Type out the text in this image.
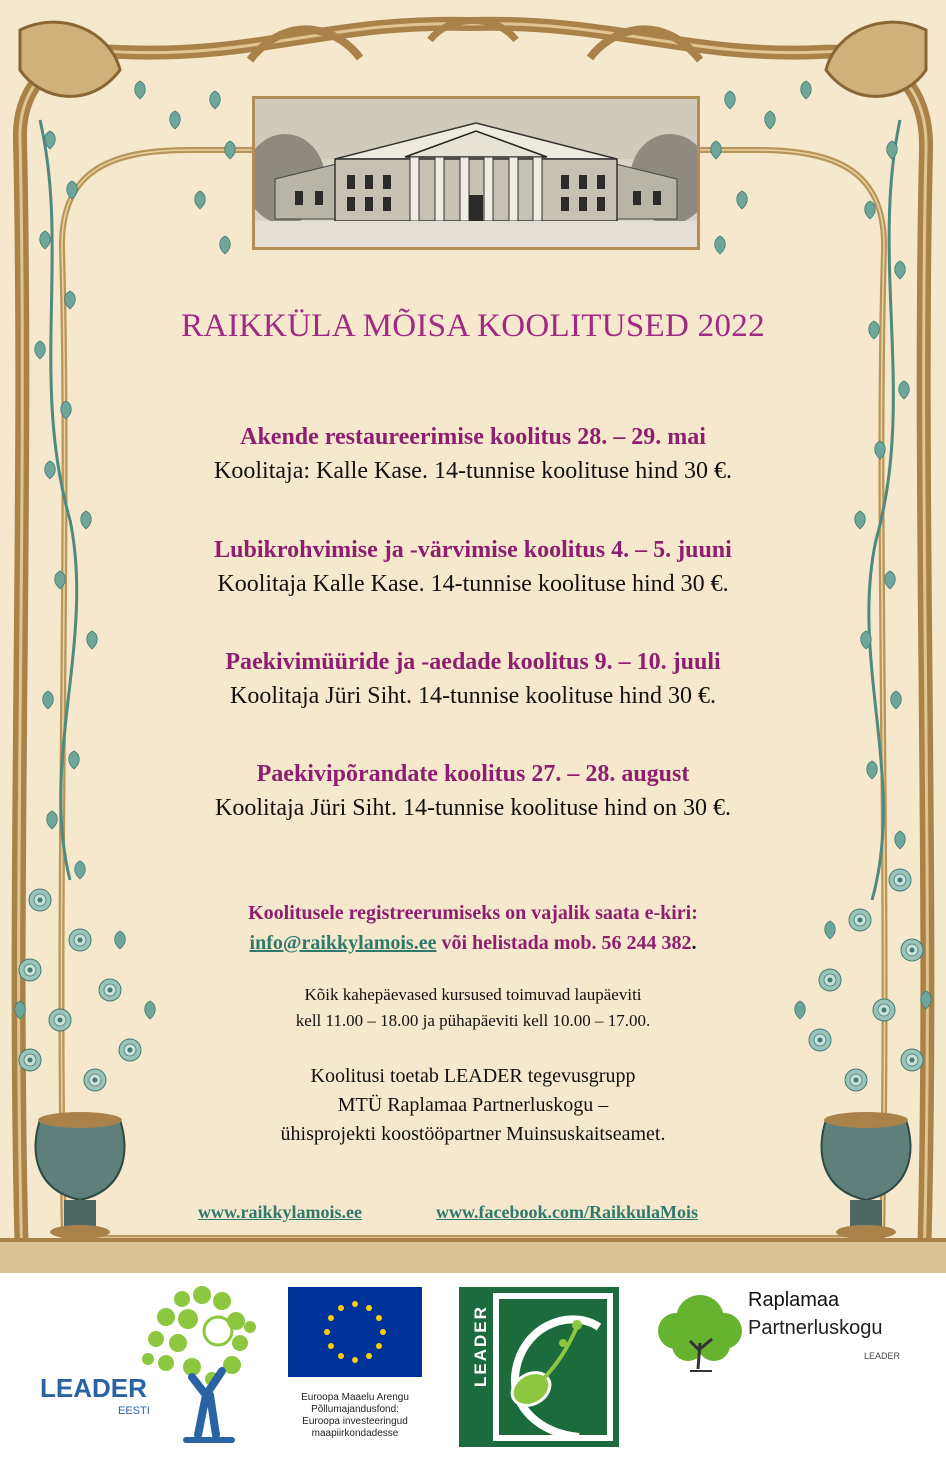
RAIKKÜLA MÕISA KOOLITUSED 2022
Akende restaureerimise koolitus 28. – 29. mai
Koolitaja: Kalle Kase. 14-tunnise koolituse hind 30 €.
Lubikrohvimise ja -värvimise koolitus 4. – 5. juuni
Koolitaja Kalle Kase. 14-tunnise koolituse hind 30 €.
Paekivimüüride ja -aedade koolitus 9. – 10. juuli
Koolitaja Jüri Siht. 14-tunnise koolituse hind 30 €.
Paekivipõrandate koolitus 27. – 28. august
Koolitaja Jüri Siht. 14-tunnise koolituse hind on 30 €.
Koolitusele registreerumiseks on vajalik saata e-kiri:
info@raikkylamois.ee või helistada mob. 56 244 382.
Kõik kahepäevased kursused toimuvad laupäeviti
kell 11.00 – 18.00 ja pühapäeviti kell 10.00 – 17.00.
Koolitusi toetab LEADER tegevusgrupp
MTÜ Raplamaa Partnerluskogu –
ühisprojekti koostööpartner Muinsuskaitseamet.
www.raikkylamois.ee	www.facebook.com/RaikkulaMois
LEADER
EESTI
Euroopa Maaelu Arengu
Põllumajandusfond:
Euroopa investeeringud
maapiirkondadesse
LEADER
Raplamaa
Partnerluskogu
LEADER
